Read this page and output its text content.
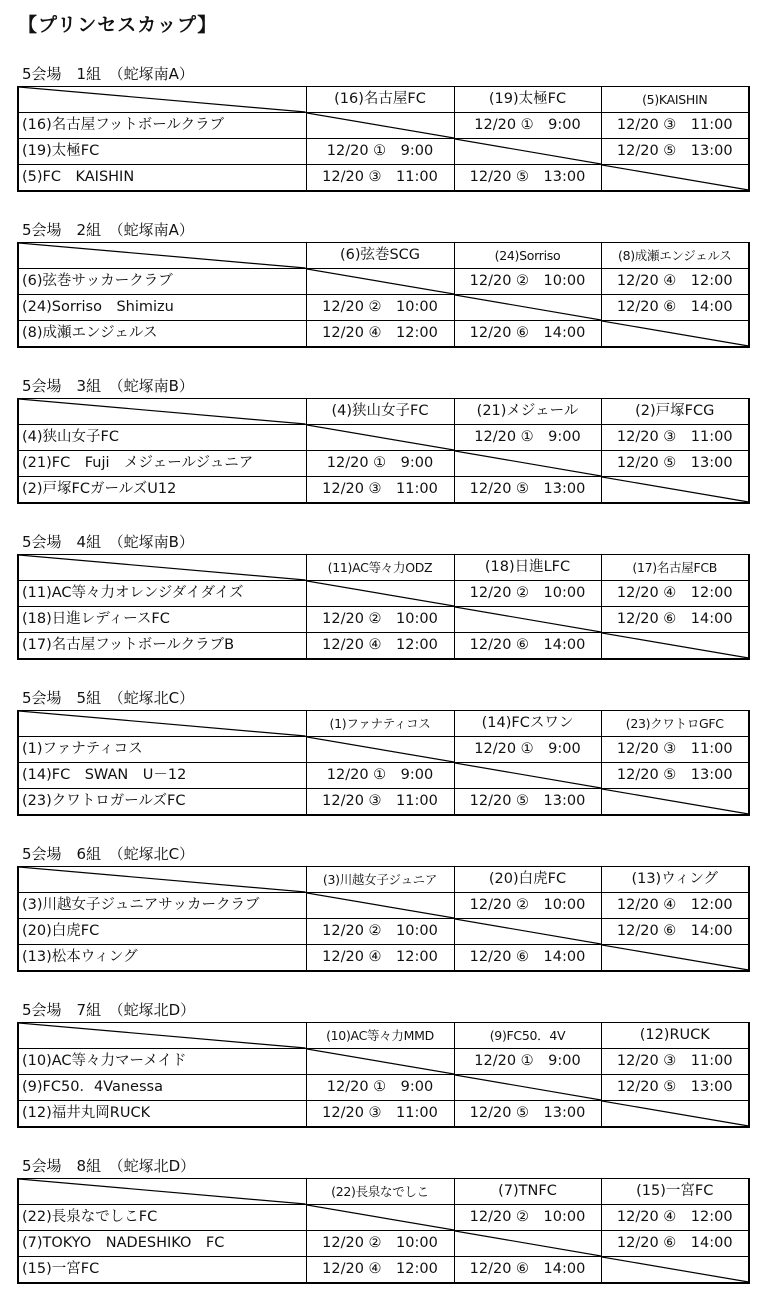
【プリンセスカップ】
5会場　1組　（蛇塚南A）
	(16)名古屋FC	(19)太極FC	(5)KAISHIN
(16)名古屋フットボールクラブ		12/20 ①　9:00	12/20 ③　11:00
(19)太極FC	12/20 ①　9:00		12/20 ⑤　13:00
(5)FC　KAISHIN	12/20 ③　11:00	12/20 ⑤　13:00	
5会場　2組　（蛇塚南A）
	(6)弦巻SCG	(24)Sorriso	(8)成瀬エンジェルス
(6)弦巻サッカークラブ		12/20 ②　10:00	12/20 ④　12:00
(24)Sorriso　Shimizu	12/20 ②　10:00		12/20 ⑥　14:00
(8)成瀬エンジェルス	12/20 ④　12:00	12/20 ⑥　14:00	
5会場　3組　（蛇塚南B）
	(4)狭山女子FC	(21)メジェール	(2)戸塚FCG
(4)狭山女子FC		12/20 ①　9:00	12/20 ③　11:00
(21)FC　Fuji　メジェールジュニア	12/20 ①　9:00		12/20 ⑤　13:00
(2)戸塚FCガールズU12	12/20 ③　11:00	12/20 ⑤　13:00	
5会場　4組　（蛇塚南B）
	(11)AC等々力ODZ	(18)日進LFC	(17)名古屋FCB
(11)AC等々力オレンジダイダイズ		12/20 ②　10:00	12/20 ④　12:00
(18)日進レディースFC	12/20 ②　10:00		12/20 ⑥　14:00
(17)名古屋フットボールクラブB	12/20 ④　12:00	12/20 ⑥　14:00	
5会場　5組　（蛇塚北C）
	(1)ファナティコス	(14)FCスワン	(23)クワトロGFC
(1)ファナティコス		12/20 ①　9:00	12/20 ③　11:00
(14)FC　SWAN　U－12	12/20 ①　9:00		12/20 ⑤　13:00
(23)クワトロガールズFC	12/20 ③　11:00	12/20 ⑤　13:00	
5会場　6組　（蛇塚北C）
	(3)川越女子ジュニア	(20)白虎FC	(13)ウィング
(3)川越女子ジュニアサッカークラブ		12/20 ②　10:00	12/20 ④　12:00
(20)白虎FC	12/20 ②　10:00		12/20 ⑥　14:00
(13)松本ウィング	12/20 ④　12:00	12/20 ⑥　14:00	
5会場　7組　（蛇塚北D）
	(10)AC等々力MMD	(9)FC50．4V	(12)RUCK
(10)AC等々力マーメイド		12/20 ①　9:00	12/20 ③　11:00
(9)FC50．4Vanessa	12/20 ①　9:00		12/20 ⑤　13:00
(12)福井丸岡RUCK	12/20 ③　11:00	12/20 ⑤　13:00	
5会場　8組　（蛇塚北D）
	(22)長泉なでしこ	(7)TNFC	(15)一宮FC
(22)長泉なでしこFC		12/20 ②　10:00	12/20 ④　12:00
(7)TOKYO　NADESHIKO　FC	12/20 ②　10:00		12/20 ⑥　14:00
(15)一宮FC	12/20 ④　12:00	12/20 ⑥　14:00	
